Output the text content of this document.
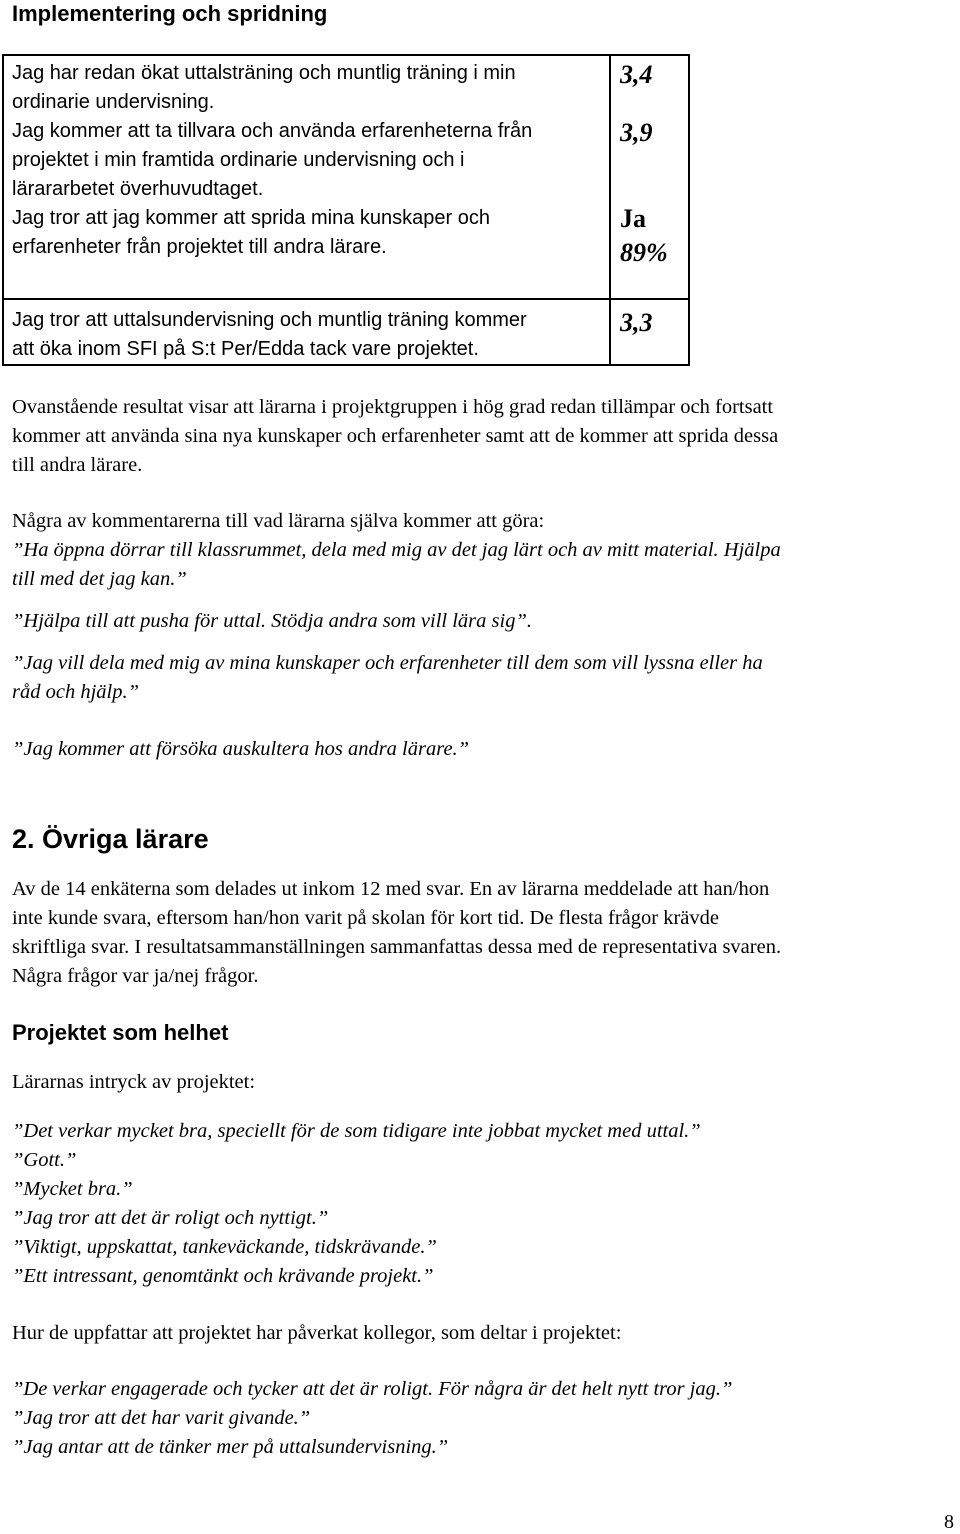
Implementering och spridning
Jag har redan ökat uttalsträning och muntlig träning i min
ordinarie undervisning.
Jag kommer att ta tillvara och använda erfarenheterna från
projektet i min framtida ordinarie undervisning och i
lärararbetet överhuvudtaget.
Jag tror att jag kommer att sprida mina kunskaper och
erfarenheter från projektet till andra lärare.
Jag tror att uttalsundervisning och muntlig träning kommer
att öka inom SFI på S:t Per/Edda tack vare projektet.
3,4
3,9
Ja
89%
3,3
Ovanstående resultat visar att lärarna i projektgruppen i hög grad redan tillämpar och fortsatt
kommer att använda sina nya kunskaper och erfarenheter samt att de kommer att sprida dessa
till andra lärare.
Några av kommentarerna till vad lärarna själva kommer att göra:
”Ha öppna dörrar till klassrummet, dela med mig av det jag lärt och av mitt material. Hjälpa
till med det jag kan.”
”Hjälpa till att pusha för uttal. Stödja andra som vill lära sig”.
”Jag vill dela med mig av mina kunskaper och erfarenheter till dem som vill lyssna eller ha
råd och hjälp.”
”Jag kommer att försöka auskultera hos andra lärare.”
2. Övriga lärare
Av de 14 enkäterna som delades ut inkom 12 med svar. En av lärarna meddelade att han/hon
inte kunde svara, eftersom han/hon varit på skolan för kort tid. De flesta frågor krävde
skriftliga svar. I resultatsammanställningen sammanfattas dessa med de representativa svaren.
Några frågor var ja/nej frågor.
Projektet som helhet
Lärarnas intryck av projektet:
”Det verkar mycket bra, speciellt för de som tidigare inte jobbat mycket med uttal.”
”Gott.”
”Mycket bra.”
”Jag tror att det är roligt och nyttigt.”
”Viktigt, uppskattat, tankeväckande, tidskrävande.”
”Ett intressant, genomtänkt och krävande projekt.”
Hur de uppfattar att projektet har påverkat kollegor, som deltar i projektet:
”De verkar engagerade och tycker att det är roligt. För några är det helt nytt tror jag.”
”Jag tror att det har varit givande.”
”Jag antar att de tänker mer på uttalsundervisning.”
8
